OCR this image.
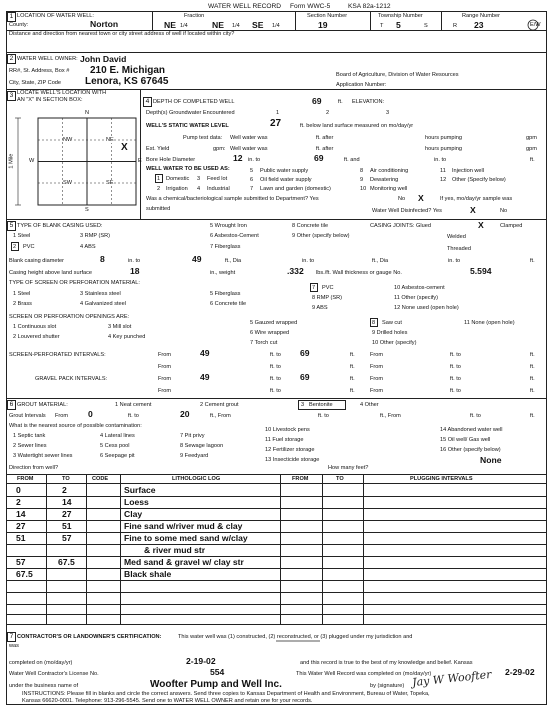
WATER WELL RECORD Form WWC-5	KSA 82a-1212
1 LOCATION OF WATER WELL:
County:	Norton
Fraction
NE 1/4	NE 1/4 SE 1/4
Section Number
19
Township Number
T 5	S
Range Number
R 23	E/W
Distance and direction from nearest town or city street address of well if located within city?
2 WATER WELL OWNER: John David
RR#, St. Address, Box # 210 E. Michigan
City, State, ZIP Code Lenora, KS 67645
Board of Agriculture, Division of Water Resources
Application Number:
3 LOCATE WELL'S LOCATION WITH
AN "X" IN SECTION BOX:
N
S
W	E
NW	NE
SW	SE
1 Mile
X
4 DEPTH OF COMPLETED WELL	69	ft. ELEVATION:
Depth(s) Groundwater Encountered	1	2	3
WELL'S STATIC WATER LEVEL	27	ft. below land surface measured on mo/day/yr
Pump test data: Well water was	ft. after	hours pumping	gpm
Est. Yield	gpm: Well water was	ft. after	hours pumping	gpm
Bore Hole Diameter	12 in. to	69	ft. and	in. to	ft.
WELL WATER TO BE USED AS:
1 Domestic 3 Feed lot
5 Public water supply	8 Air conditioning	11 Injection well
6 Oil field water supply	9 Dewatering	12 Other (Specify below)
2 Irrigation 4 Industrial	7 Lawn and garden (domestic)	10 Monitoring well
Was a chemical/bacteriological sample submitted to Department? Yes	No X	If yes, mo/day/yr sample was
submitted	Water Well Disinfected? Yes	X	No
5 TYPE OF BLANK CASING USED:	5 Wrought Iron	8 Concrete tile	CASING JOINTS: Glued	X	Clamped
1 Steel	3 RMP (SR)	6 Asbestos-Cement	9 Other (specify below)	Welded
2 PVC	4 ABS	7 Fiberglass	Threaded
Blank casing diameter	8	in. to	49	ft., Dia	in. to	ft., Dia	in. to	ft.
Casing height above land surface	18	in., weight	.332 lbs./ft. Wall thickness or gauge No.	5.594
TYPE OF SCREEN OR PERFORATION MATERIAL:
1 Steel	3 Stainless steel	5 Fiberglass
7 PVC	10 Asbestos-cement
2 Brass	4 Galvanized steel	6 Concrete tile
8 RMP (SR)
9 ABS
11 Other (specify)
12 None used (open hole)
SCREEN OR PERFORATION OPENINGS ARE:
1 Continuous slot	3 Mill slot
5 Gauzed wrapped	8 Saw cut	11 None (open hole)
2 Louvered shutter	4 Key punched
6 Wire wrapped
7 Torch cut
9 Drilled holes
10 Other (specify)
SCREEN-PERFORATED INTERVALS:	From	49	ft. to 69	ft.	From	ft. to	ft.
From	ft. to	ft.	From	ft. to	ft.
GRAVEL PACK INTERVALS:	From	49	ft. to 69	ft.	From	ft. to	ft.
From	ft. to	ft.	From	ft. to	ft.
6 GROUT MATERIAL:	1 Neat cement	2 Cement grout	3 Bentonite	4 Other
Grout Intervals From 0	ft. to	20	ft., From	ft. to	ft., From	ft. to	ft.
What is the nearest source of possible contamination:
1 Septic tank	4 Lateral lines	7 Pit privy
10 Livestock pens	14 Abandoned water well
2 Sewer lines	5 Cess pool	8 Sewage lagoon
11 Fuel storage	15 Oil well/ Gas well
3 Watertight sewer lines	6 Seepage pit	9 Feedyard
12 Fertilizer storage	16 Other (specify below)
13 Insecticide storage	None
Direction from well?	How many feet?
FROM	TO	CODE	LITHOLOGIC LOG	FROM	TO	PLUGGING INTERVALS
0	2	Surface
2	14	Loess
14	27	Clay
27	51	Fine sand w/river mud & clay
51	57	Fine to some med sand w/clay
& river mud str
57	67.5	Med sand & gravel w/ clay str
67.5	Black shale
7 CONTRACTOR'S OR LANDOWNER'S CERTIFICATION:	This water well was (1) constructed, (2) reconstructed, or (3) plugged under my jurisdiction and
was
completed on (mo/day/yr)	2-19-02	and this record is true to the best of my knowledge and belief. Kansas
Water Well Contractor's License No.	554	This Water Well Record was completed on (mo/day/yr)	2-29-02
under the business name of	Woofter Pump and Well Inc.	by (signature) Jay W Woofter
INSTRUCTIONS: Please fill in blanks and circle the correct answers. Send three copies to Kansas Department of Health and Environment, Bureau of Water, Topeka,
Kansas 66620-0001. Telephone: 913-296-5545. Send one to WATER WELL OWNER and retain one for your records.
